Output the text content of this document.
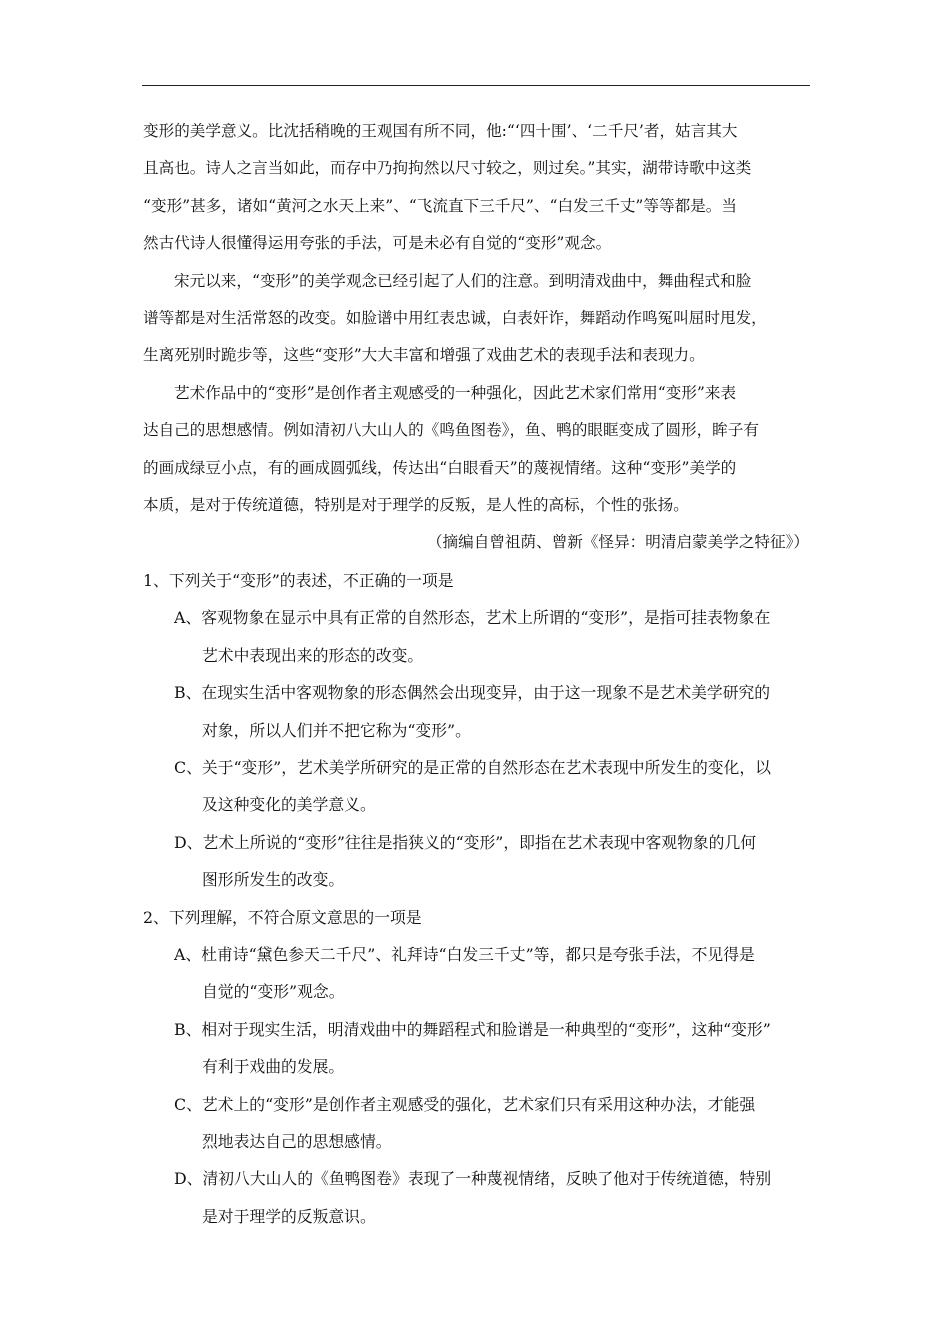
变形的美学意义。比沈括稍晚的王观国有所不同，他:“‘四十围’、‘二千尺’者，姑言其大

且高也。诗人之言当如此，而存中乃拘拘然以尺寸较之，则过矣。”其实，湖带诗歌中这类

“变形”甚多，诸如“黄河之水天上来”、“飞流直下三千尺”、“白发三千丈”等等都是。当

然古代诗人很懂得运用夸张的手法，可是未必有自觉的“变形”观念。

宋元以来，“变形”的美学观念已经引起了人们的注意。到明清戏曲中，舞曲程式和脸

谱等都是对生活常怒的改变。如脸谱中用红表忠诚，白表奸诈，舞蹈动作鸣冤叫屈时甩发，

生离死别时跪步等，这些“变形”大大丰富和增强了戏曲艺术的表现手法和表现力。

艺术作品中的“变形”是创作者主观感受的一种强化，因此艺术家们常用“变形”来表

达自己的思想感情。例如清初八大山人的《鸣鱼图卷》，鱼、鸭的眼眶变成了圆形，眸子有

的画成绿豆小点，有的画成圆弧线，传达出“白眼看天”的蔑视情绪。这种“变形”美学的

本质，是对于传统道德，特别是对于理学的反叛，是人性的高标，个性的张扬。

（摘编自曾祖荫、曾新《怪异：明清启蒙美学之特征》）

1、下列关于“变形”的表述，不正确的一项是

A、客观物象在显示中具有正常的自然形态，艺术上所谓的“变形”，是指可挂表物象在
艺术中表现出来的形态的改变。
B、在现实生活中客观物象的形态偶然会出现变异，由于这一现象不是艺术美学研究的
对象，所以人们并不把它称为“变形”。
C、关于“变形”，艺术美学所研究的是正常的自然形态在艺术表现中所发生的变化，以
及这种变化的美学意义。
D、艺术上所说的“变形”往往是指狭义的“变形”，即指在艺术表现中客观物象的几何
图形所发生的改变。

2、下列理解，不符合原文意思的一项是

A、杜甫诗“黛色参天二千尺”、礼拜诗“白发三千丈”等，都只是夸张手法，不见得是
自觉的“变形”观念。
B、相对于现实生活，明清戏曲中的舞蹈程式和脸谱是一种典型的“变形”，这种“变形”
有利于戏曲的发展。
C、艺术上的“变形”是创作者主观感受的强化，艺术家们只有采用这种办法，才能强
烈地表达自己的思想感情。
D、清初八大山人的《鱼鸭图卷》表现了一种蔑视情绪，反映了他对于传统道德，特别
是对于理学的反叛意识。
